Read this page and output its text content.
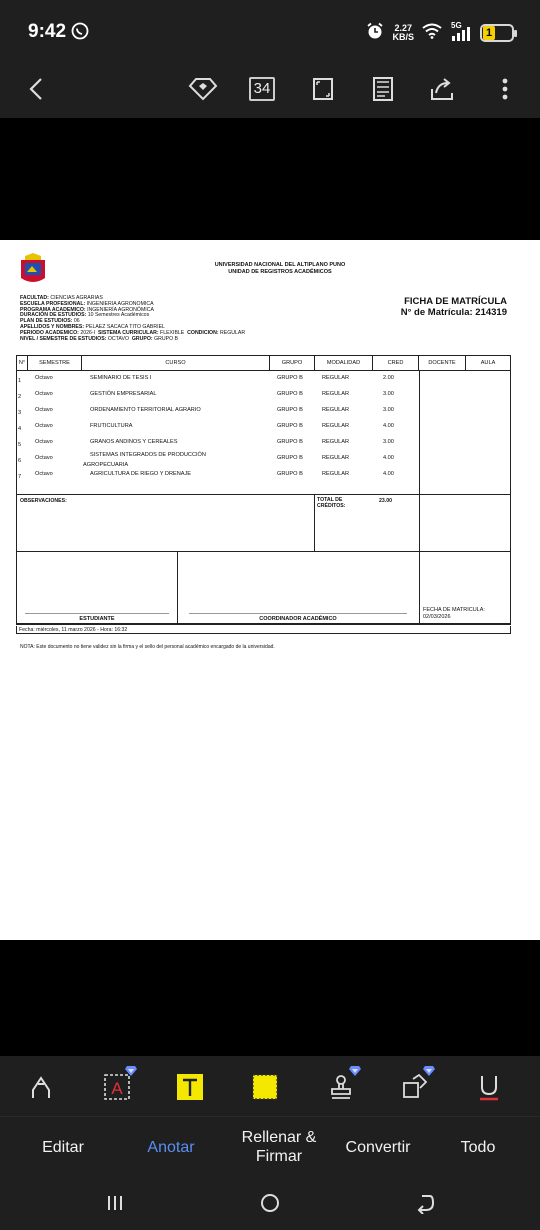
9:42	2.27
KB/S
5G
1
34
UNIVERSIDAD NACIONAL DEL ALTIPLANO PUNO
UNIDAD DE REGISTROS ACADÉMICOS
FICHA DE MATRÍCULA
N° de Matrícula: 214319
FACULTAD: CIENCIAS AGRARIAS
ESCUELA PROFESIONAL: INGENIERIA AGRONOMICA
PROGRAMA ACADEMICO: INGENIERÍA AGRONÓMICA
DURACIÓN DE ESTUDIOS: 10 Semestres Académicos
PLAN DE ESTUDIOS: 06
APELLIDOS Y NOMBRES: PELAEZ SACACA TITO GABRIEL
PERIODO ACADEMICO: 2026-I SISTEMA CURRICULAR: FLEXIBLE CONDICION: REGULAR
NIVEL / SEMESTRE DE ESTUDIOS: OCTAVO GRUPO: GRUPO B
N°	SEMESTRE	CURSO	GRUPO	MODALIDAD	CRED	DOCENTE	AULA
1 Octavo	SEMINARIO DE TESIS I	GRUPO B	REGULAR	2.00
2 Octavo	GESTIÓN EMPRESARIAL	GRUPO B	REGULAR	3.00
3 Octavo	ORDENAMIENTO TERRITORIAL AGRARIO	GRUPO B	REGULAR	3.00
4 Octavo	FRUTICULTURA	GRUPO B	REGULAR	4.00
5 Octavo	GRANOS ANDINOS Y CEREALES	GRUPO B	REGULAR	3.00
6 Octavo	SISTEMAS INTEGRADOS DE PRODUCCIÓN	GRUPO B	REGULAR	4.00
AGROPECUARIA
7 Octavo	AGRICULTURA DE RIEGO Y DRENAJE	GRUPO B	REGULAR	4.00
OBSERVACIONES:	TOTAL DE
CRÉDITOS:
23.00
ESTUDIANTE	COORDINADOR ACADÉMICO
FECHA DE MATRICULA:
02/03/2026
Fecha: miércoles, 11 marzo 2026 - Hora: 16:32
NOTA: Este documento no tiene validez sin la firma y el sello del personal académico encargado de la universidad.
A
Editar	Anotar
Rellenar &
Firmar
Convertir	Todo
